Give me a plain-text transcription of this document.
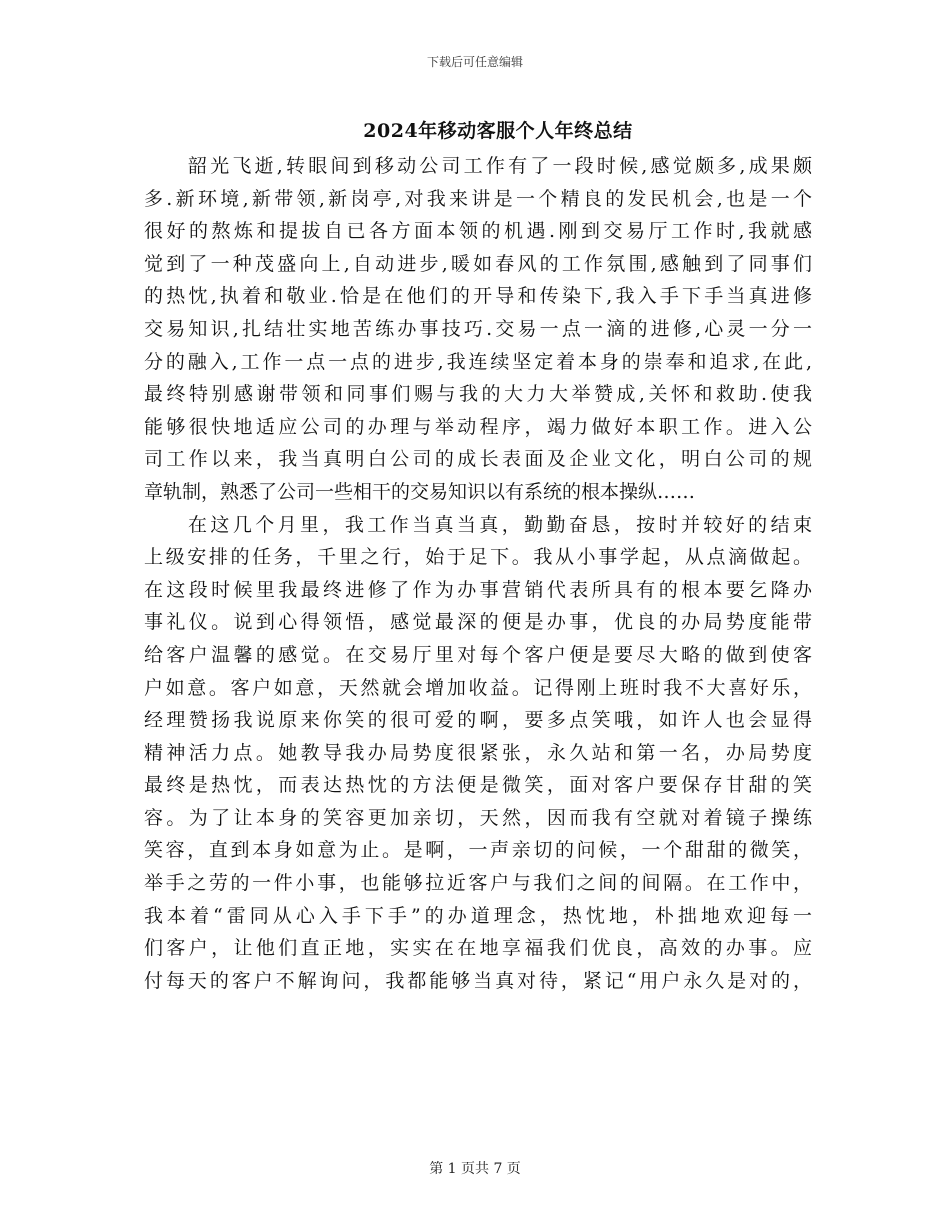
下载后可任意编辑
2024年移动客服个人年终总结
韶光飞逝,转眼间到移动公司工作有了一段时候,感觉颇多,成果颇
多.新环境,新带领,新岗亭,对我来讲是一个精良的发民机会,也是一个
很好的熬炼和提拔自已各方面本领的机遇.刚到交易厅工作时,我就感
觉到了一种茂盛向上,自动进步,暖如春风的工作氛围,感触到了同事们
的热忱,执着和敬业.恰是在他们的开导和传染下,我入手下手当真进修
交易知识,扎结壮实地苦练办事技巧.交易一点一滴的进修,心灵一分一
分的融入,工作一点一点的进步,我连续坚定着本身的崇奉和追求,在此,
最终特别感谢带领和同事们赐与我的大力大举赞成,关怀和救助.使我
能够很快地适应公司的办理与举动程序，竭力做好本职工作。进入公
司工作以来，我当真明白公司的成长表面及企业文化，明白公司的规
章轨制，熟悉了公司一些相干的交易知识以有系统的根本操纵……
在这几个月里，我工作当真当真，勤勤奋恳，按时并较好的结束
上级安排的任务，千里之行，始于足下。我从小事学起，从点滴做起。
在这段时候里我最终进修了作为办事营销代表所具有的根本要乞降办
事礼仪。说到心得领悟，感觉最深的便是办事，优良的办局势度能带
给客户温馨的感觉。在交易厅里对每个客户便是要尽大略的做到使客
户如意。客户如意，天然就会增加收益。记得刚上班时我不大喜好乐，
经理赞扬我说原来你笑的很可爱的啊，要多点笑哦，如许人也会显得
精神活力点。她教导我办局势度很紧张，永久站和第一名，办局势度
最终是热忱，而表达热忱的方法便是微笑，面对客户要保存甘甜的笑
容。为了让本身的笑容更加亲切，天然，因而我有空就对着镜子操练
笑容，直到本身如意为止。是啊，一声亲切的问候，一个甜甜的微笑，
举手之劳的一件小事，也能够拉近客户与我们之间的间隔。在工作中，
我本着“雷同从心入手下手”的办道理念，热忱地，朴拙地欢迎每一
们客户，让他们直正地，实实在在地享福我们优良，高效的办事。应
付每天的客户不解询问，我都能够当真对待，紧记“用户永久是对的，
第 1 页共 7 页
